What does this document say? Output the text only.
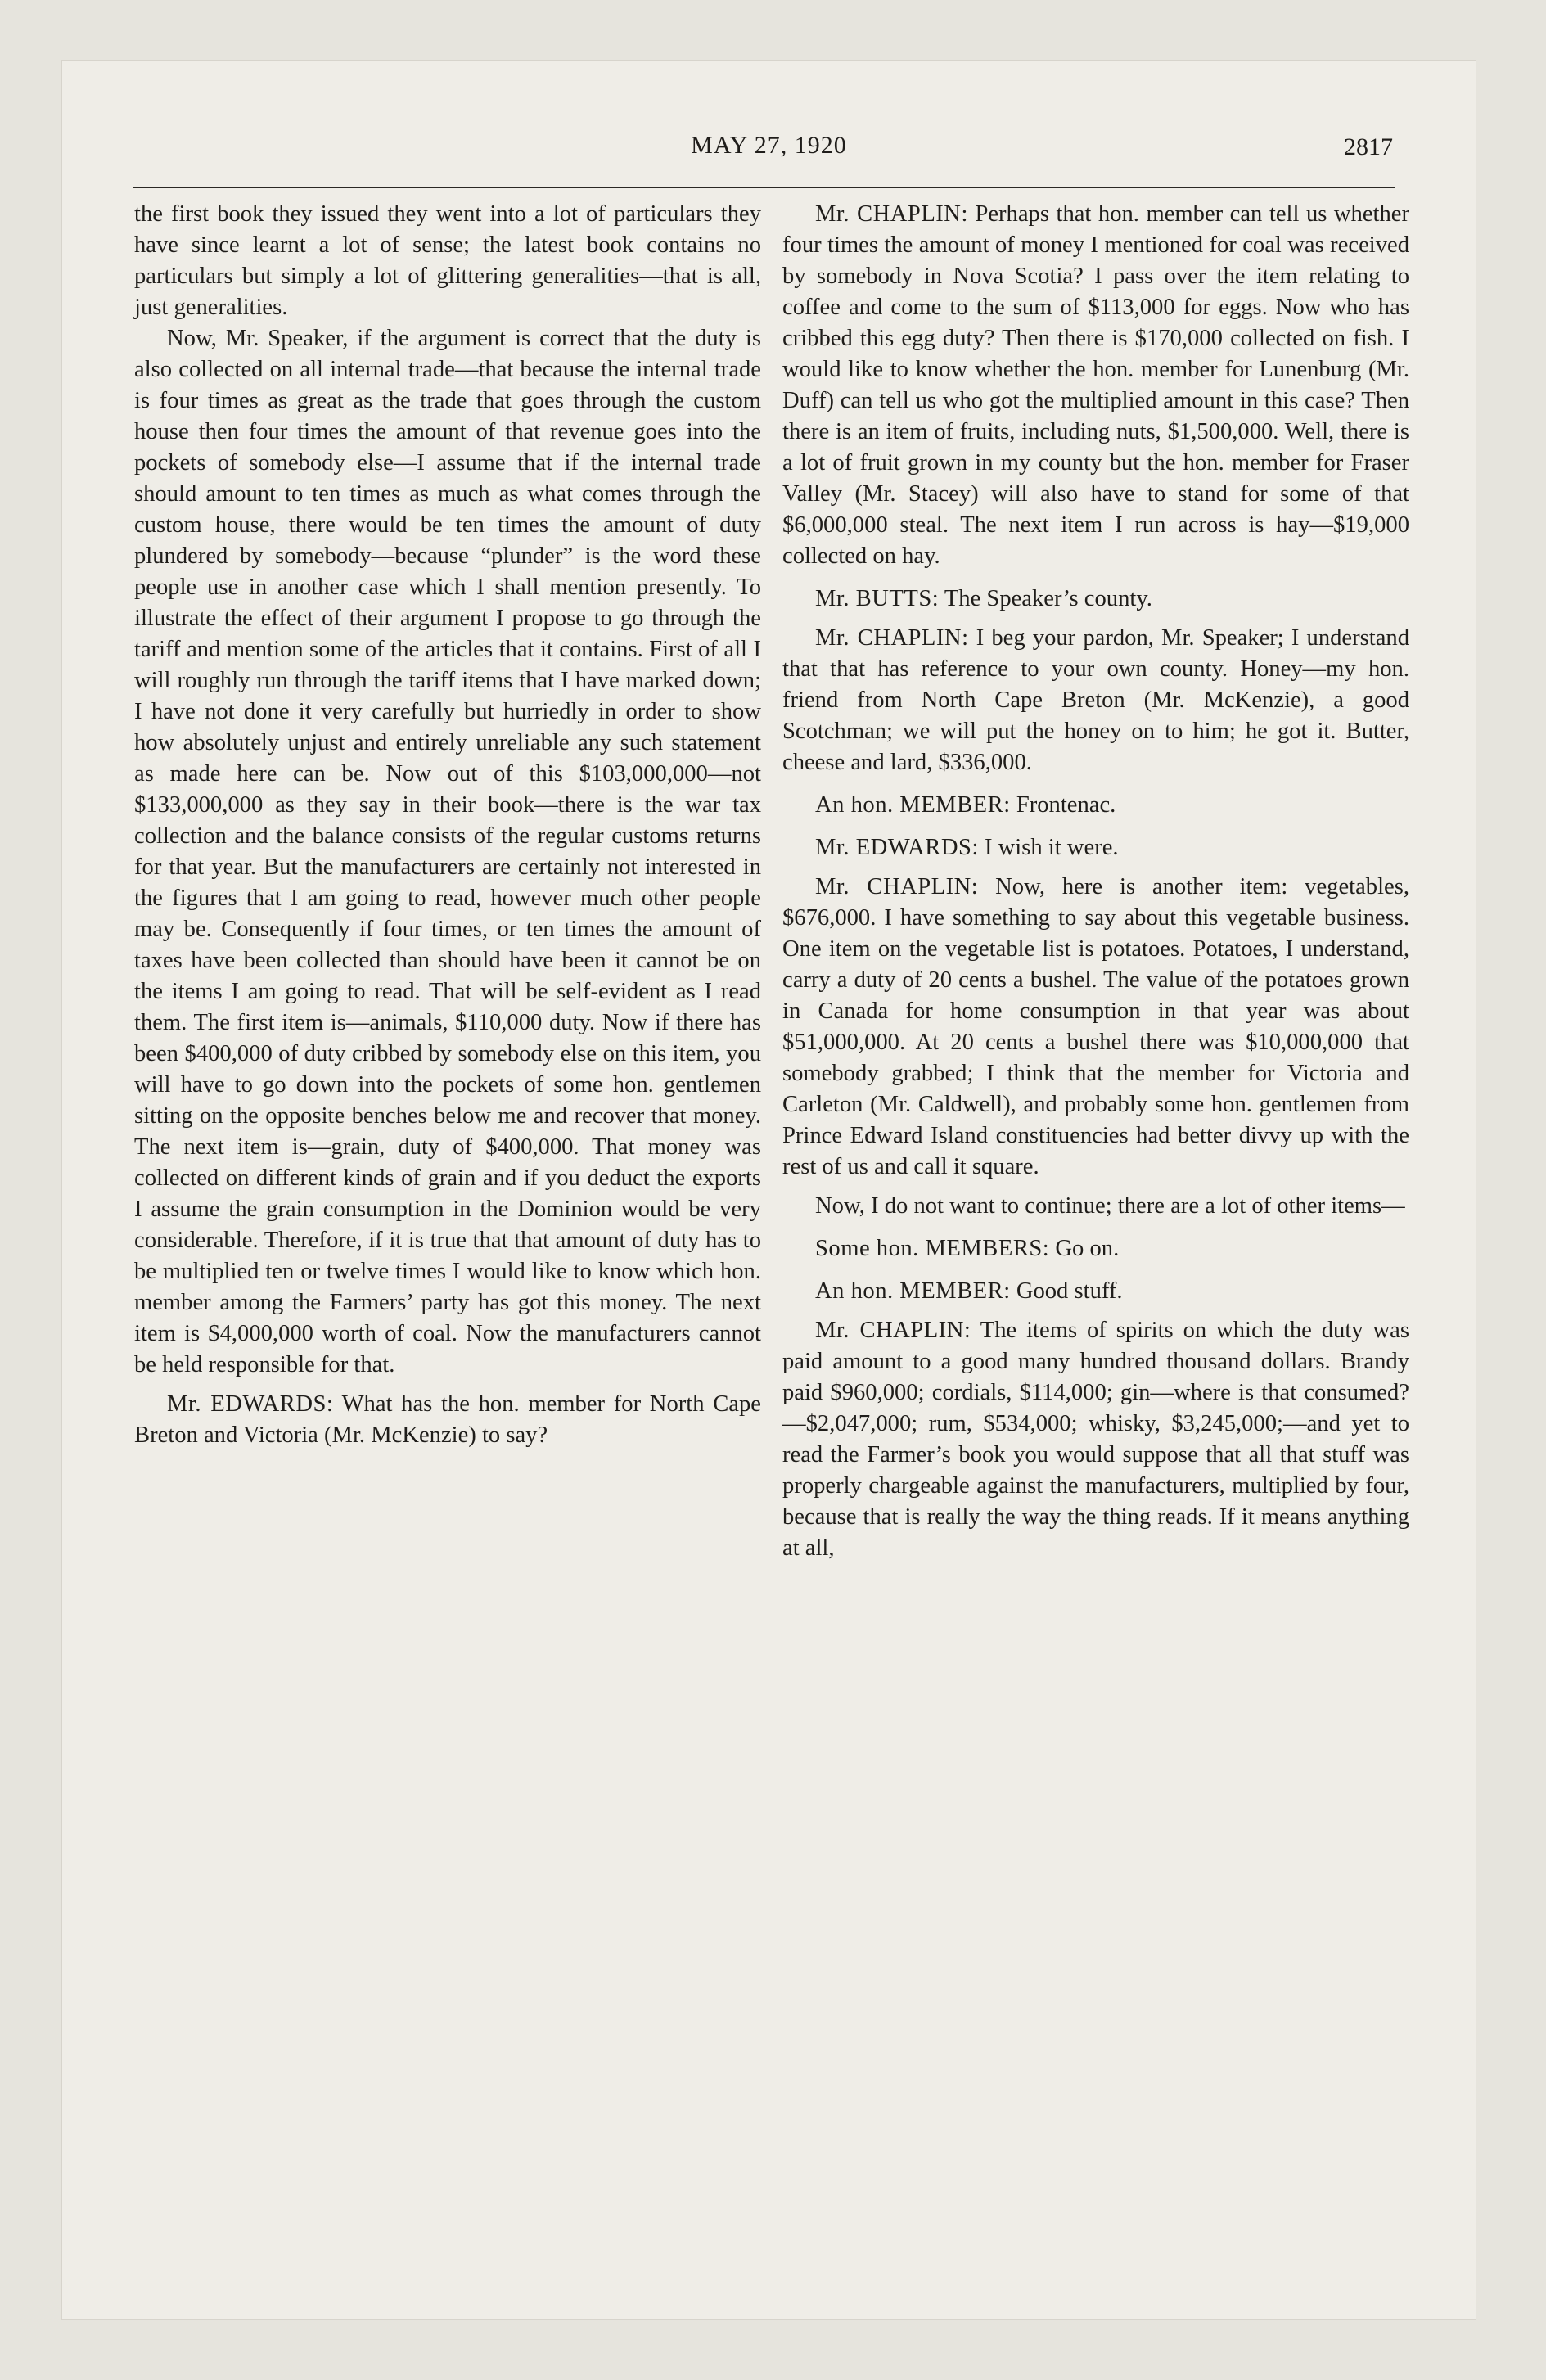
MAY 27, 1920	2817

the first book they issued they went into a lot of particulars they have since learnt a lot of sense; the latest book contains no particulars but simply a lot of glittering generalities—that is all, just generalities.

Now, Mr. Speaker, if the argument is correct that the duty is also collected on all internal trade—that because the internal trade is four times as great as the trade that goes through the custom house then four times the amount of that revenue goes into the pockets of somebody else—I assume that if the internal trade should amount to ten times as much as what comes through the custom house, there would be ten times the amount of duty plundered by somebody—because “plunder” is the word these people use in another case which I shall mention presently. To illustrate the effect of their argument I propose to go through the tariff and mention some of the articles that it contains. First of all I will roughly run through the tariff items that I have marked down; I have not done it very carefully but hurriedly in order to show how absolutely unjust and entirely unreliable any such statement as made here can be. Now out of this $103,000,000—not $133,000,000 as they say in their book—there is the war tax collection and the balance consists of the regular customs returns for that year. But the manufacturers are certainly not interested in the figures that I am going to read, however much other people may be. Consequently if four times, or ten times the amount of taxes have been collected than should have been it cannot be on the items I am going to read. That will be self-evident as I read them. The first item is—animals, $110,000 duty. Now if there has been $400,000 of duty cribbed by somebody else on this item, you will have to go down into the pockets of some hon. gentlemen sitting on the opposite benches below me and recover that money. The next item is—grain, duty of $400,000. That money was collected on different kinds of grain and if you deduct the exports I assume the grain consumption in the Dominion would be very considerable. Therefore, if it is true that that amount of duty has to be multiplied ten or twelve times I would like to know which hon. member among the Farmers’ party has got this money. The next item is $4,000,000 worth of coal. Now the manufacturers cannot be held responsible for that.

Mr. EDWARDS: What has the hon. member for North Cape Breton and Victoria (Mr. McKenzie) to say?

Mr. CHAPLIN: Perhaps that hon. member can tell us whether four times the amount of money I mentioned for coal was received by somebody in Nova Scotia? I pass over the item relating to coffee and come to the sum of $113,000 for eggs. Now who has cribbed this egg duty? Then there is $170,000 collected on fish. I would like to know whether the hon. member for Lunenburg (Mr. Duff) can tell us who got the multiplied amount in this case? Then there is an item of fruits, including nuts, $1,500,000. Well, there is a lot of fruit grown in my county but the hon. member for Fraser Valley (Mr. Stacey) will also have to stand for some of that $6,000,000 steal. The next item I run across is hay—$19,000 collected on hay.

Mr. BUTTS: The Speaker’s county.

Mr. CHAPLIN: I beg your pardon, Mr. Speaker; I understand that that has reference to your own county. Honey—my hon. friend from North Cape Breton (Mr. McKenzie), a good Scotchman; we will put the honey on to him; he got it. Butter, cheese and lard, $336,000.

An hon. MEMBER: Frontenac.

Mr. EDWARDS: I wish it were.

Mr. CHAPLIN: Now, here is another item: vegetables, $676,000. I have something to say about this vegetable business. One item on the vegetable list is potatoes. Potatoes, I understand, carry a duty of 20 cents a bushel. The value of the potatoes grown in Canada for home consumption in that year was about $51,000,000. At 20 cents a bushel there was $10,000,000 that somebody grabbed; I think that the member for Victoria and Carleton (Mr. Caldwell), and probably some hon. gentlemen from Prince Edward Island constituencies had better divvy up with the rest of us and call it square.

Now, I do not want to continue; there are a lot of other items—

Some hon. MEMBERS: Go on.

An hon. MEMBER: Good stuff.

Mr. CHAPLIN: The items of spirits on which the duty was paid amount to a good many hundred thousand dollars. Brandy paid $960,000; cordials, $114,000; gin—where is that consumed?—$2,047,000; rum, $534,000; whisky, $3,245,000;—and yet to read the Farmer’s book you would suppose that all that stuff was properly chargeable against the manufacturers, multiplied by four, because that is really the way the thing reads. If it means anything at all,
